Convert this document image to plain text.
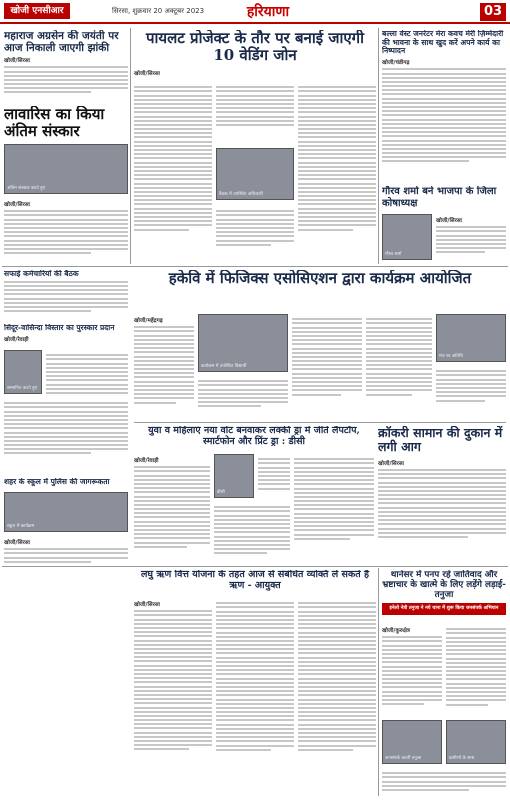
खोजी एनसीआर	सिरसा, शुक्रवार 20 अक्टूबर 2023	हरियाणा	03
महाराज अग्रसेन की जयंती पर आज निकाली जाएगी झांकी
खोजी/सिरसा
लावारिस का किया अंतिम संस्कार
अंतिम संस्कार करते हुए
खोजी/सिरसा
पायलट प्रोजेक्ट के तौर पर बनाई जाएगी 10 वेडिंग जोन
खोजी/सिरसा
बैठक में उपस्थित अधिकारी
बल्ला वेस्ट जनरेटर मेरा कवच मेरी ज़िम्मेदारी की भावना के साथ खुद करें अपने कार्य का निष्पादन
खोजी/चंडीगढ़
गौरव शर्मा बने भाजपा के जिला कोषाध्यक्ष
गौरव शर्मा
खोजी/सिरसा
सफाई कर्मचारियों की बैठक
सिंदूर-वासिन्दा विस्तार का पुरस्कार प्रदान
खोजी/रेवाड़ी
सम्मानित करते हुए
शहर के स्कूल में पुलिस की जागरूकता
स्कूल में कार्यक्रम
खोजी/सिरसा
हकेवि में फिजिक्स एसोसिएशन द्वारा कार्यक्रम आयोजित
खोजी/महेंद्रगढ़
कार्यक्रम में उपस्थित विद्यार्थी
मंच पर अतिथि
युवा व महिलाएं नया वोट बनवाकर लक्की ड्रा में जीतें लैपटॉप, स्मार्टफोन और प्रिंट ड्रा : डीसी
खोजी/रेवाड़ी
डीसी
क्रॉकरी सामान की दुकान में लगी आग
खोजी/सिरसा
लघु ऋण वित्त योजना के तहत आज से संबंधित व्यक्ति ले सकते हैं ऋण - आयुक्त
खोजी/सिरसा
थानेसर में पनप रहे जातिवाद और भ्रष्टाचार के खात्मे के लिए लड़ेंगे लड़ाई-तनुजा
इनेलो नेत्री तनुजा ने नये थाना में शुरू किया जनसंपर्क अभियान
खोजी/कुरुक्षेत्र
जनसंपर्क करतीं तनुजा	ग्रामीणों के साथ
